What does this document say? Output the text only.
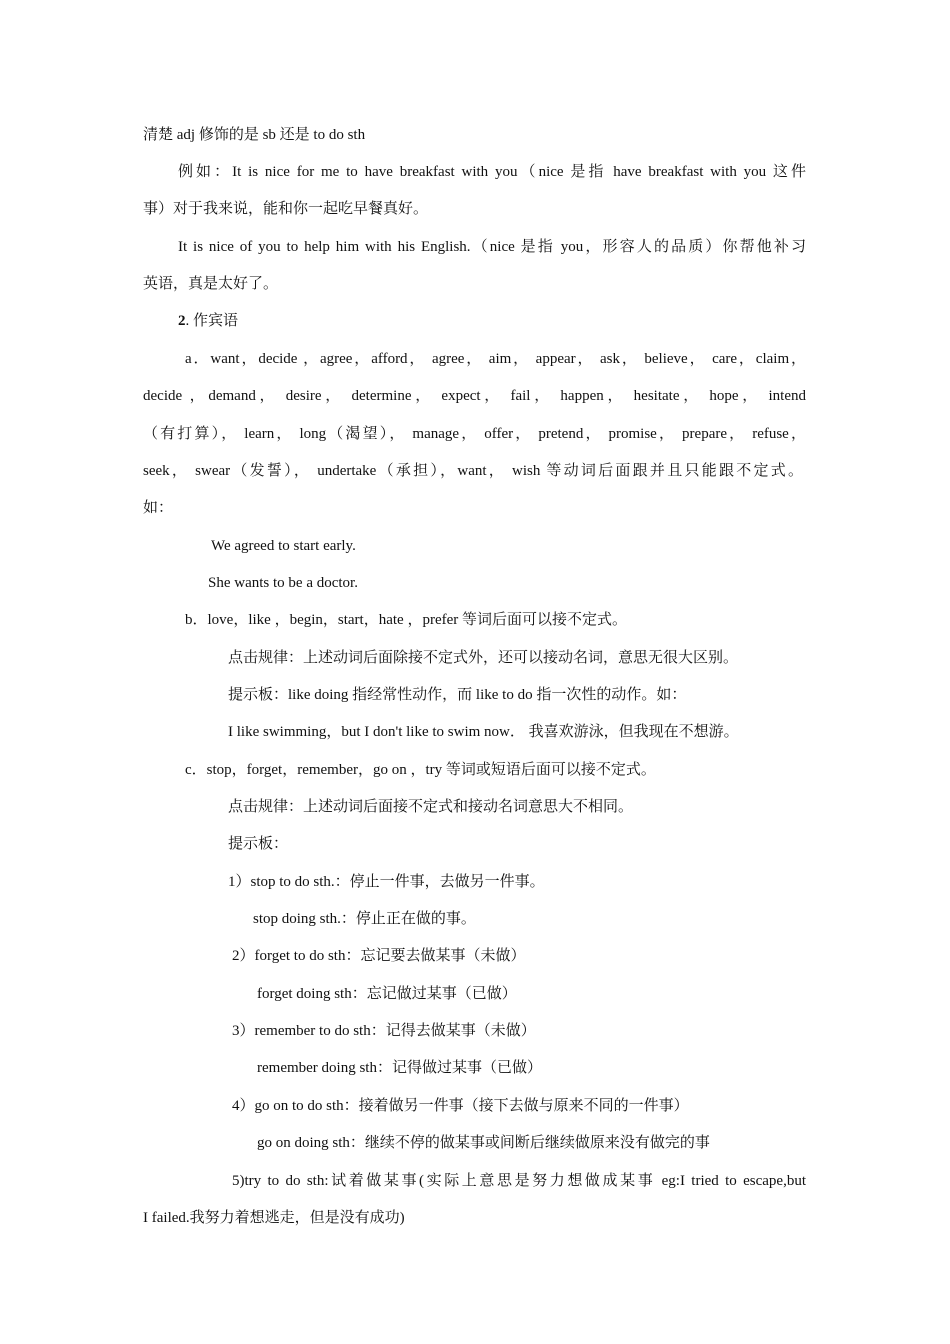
清楚 adj 修饰的是 sb 还是 to do sth
例如：It is nice for me to have breakfast with you（nice 是指 have breakfast with you 这件
事）对于我来说，能和你一起吃早餐真好。
It is nice of you to help him with his English.（nice 是指 you，形容人的品质）你帮他补习
英语，真是太好了。
2. 作宾语
a．want，decide ，agree，afford， agree， aim， appear， ask， believe， care，claim，
decide ，demand， desire， determine， expect， fail， happen， hesitate， hope， intend
（有打算）， learn， long（渴望）， manage， offer， pretend， promise， prepare， refuse，
seek， swear（发誓）， undertake（承担），want， wish 等动词后面跟并且只能跟不定式。
如：
We agreed to start early.
She wants to be a doctor.
b．love，like ，begin，start，hate ，prefer 等词后面可以接不定式。
点击规律：上述动词后面除接不定式外，还可以接动名词，意思无很大区别。
提示板：like doing 指经常性动作，而 like to do 指一次性的动作。如：
I like swimming，but I don't like to swim now． 我喜欢游泳，但我现在不想游。
c．stop，forget，remember，go on ，try 等词或短语后面可以接不定式。
点击规律：上述动词后面接不定式和接动名词意思大不相同。
提示板：
1）stop to do sth.：停止一件事，去做另一件事。
stop doing sth.：停止正在做的事。
2）forget to do sth：忘记要去做某事（未做）
forget doing sth：忘记做过某事（已做）
3）remember to do sth：记得去做某事（未做）
remember doing sth：记得做过某事（已做）
4）go on to do sth：接着做另一件事（接下去做与原来不同的一件事）
go on doing sth：继续不停的做某事或间断后继续做原来没有做完的事
5)try to do sth:试着做某事(实际上意思是努力想做成某事 eg:I tried to escape,but
I failed.我努力着想逃走，但是没有成功)
